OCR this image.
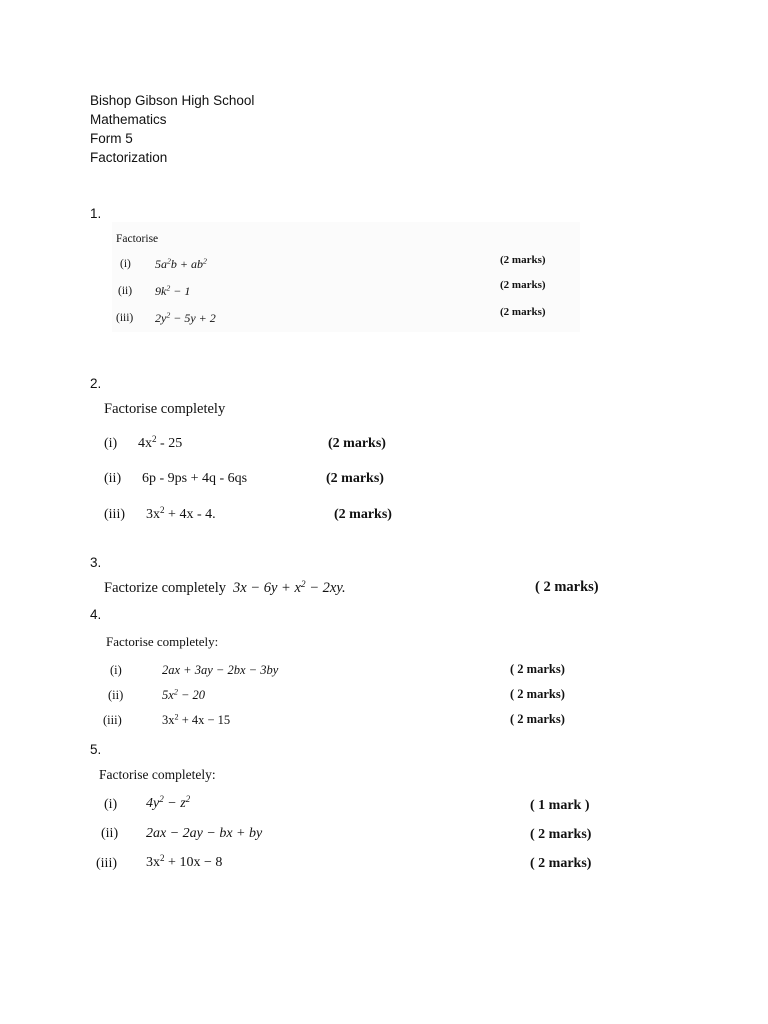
Bishop Gibson High School
Mathematics
Form 5
Factorization
1.
Factorise
(i) $5a^2b + ab^2$	(2 marks)
(ii) $9k^2 - 1$	(2 marks)
(iii) $2y^2 - 5y + 2$	(2 marks)
2.
Factorise completely
(i) $4x^2 - 25$	(2 marks)
(ii) 6p - 9ps + 4q - 6qs	(2 marks)
(iii) $3x^2 + 4x - 4$.	(2 marks)
3.
Factorize completely $3x - 6y + x^2 - 2xy$.	( 2 marks)
4.
Factorise completely:
(i)	2ax + 3ay − 2bx − 3by	( 2 marks)
(ii)	$5x^2 - 20$	( 2 marks)
(iii)	$3x^2 + 4x - 15$	( 2 marks)
5.
Factorise completely:
(i) $4y^2 - z^2$	( 1 mark )
(ii) 2ax − 2ay − bx + by	( 2 marks)
(iii) $3x^2 + 10x - 8$	( 2 marks)
